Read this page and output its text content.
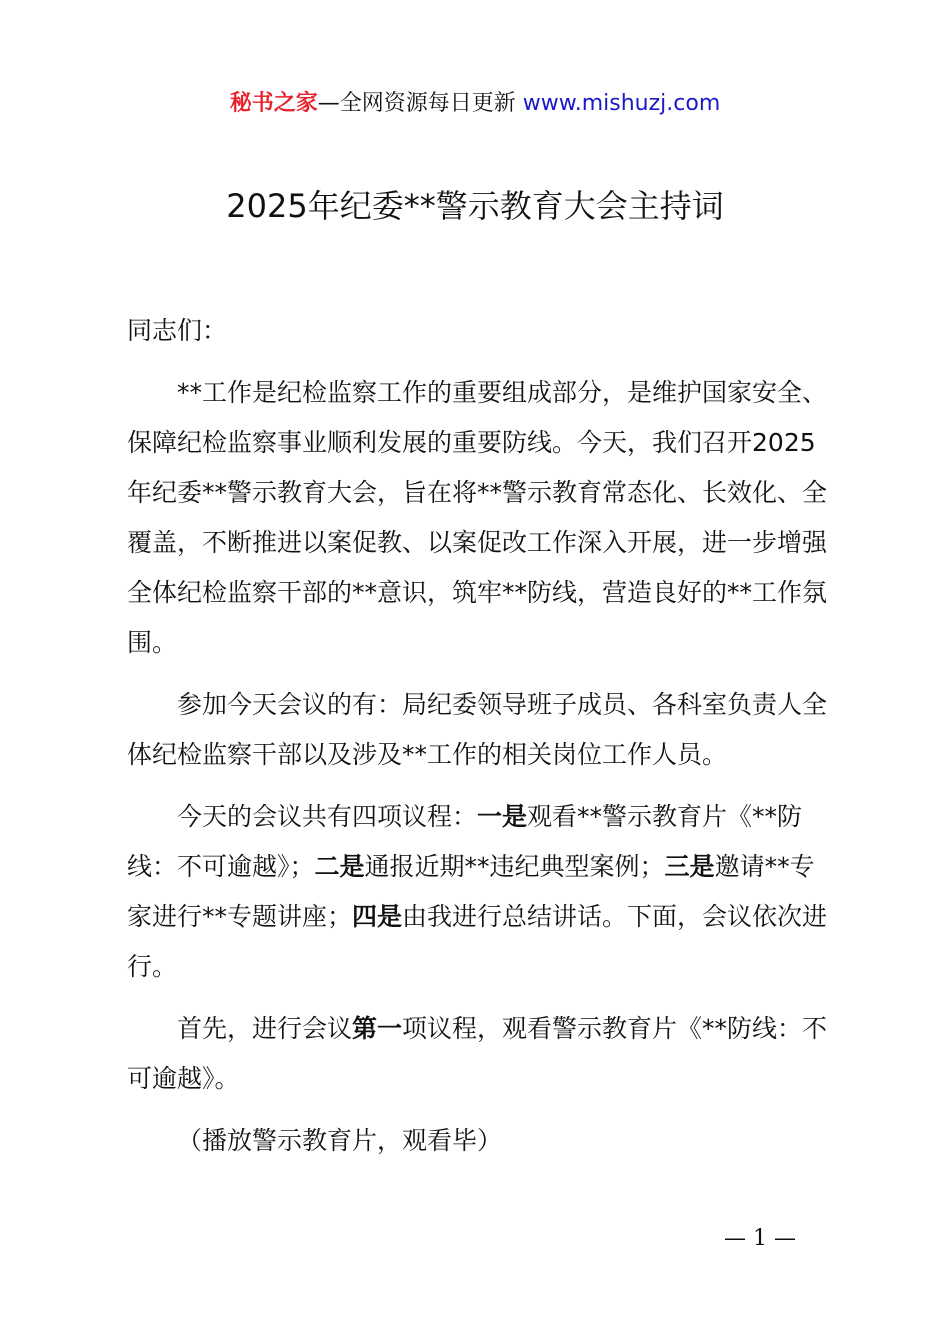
秘书之家—全网资源每日更新 www.mishuzj.com
2025年纪委**警示教育大会主持词

同志们：

**工作是纪检监察工作的重要组成部分，是维护国家安全、保障纪检监察事业顺利发展的重要防线。今天，我们召开2025年纪委**警示教育大会，旨在将**警示教育常态化、长效化、全覆盖，不断推进以案促教、以案促改工作深入开展，进一步增强全体纪检监察干部的**意识，筑牢**防线，营造良好的**工作氛围。

参加今天会议的有：局纪委领导班子成员、各科室负责人全体纪检监察干部以及涉及**工作的相关岗位工作人员。

今天的会议共有四项议程：一是观看**警示教育片《**防线：不可逾越》；二是通报近期**违纪典型案例；三是邀请**专家进行**专题讲座；四是由我进行总结讲话。下面，会议依次进行。

首先，进行会议第一项议程，观看警示教育片《**防线：不可逾越》。

（播放警示教育片，观看毕）

— 1 —
